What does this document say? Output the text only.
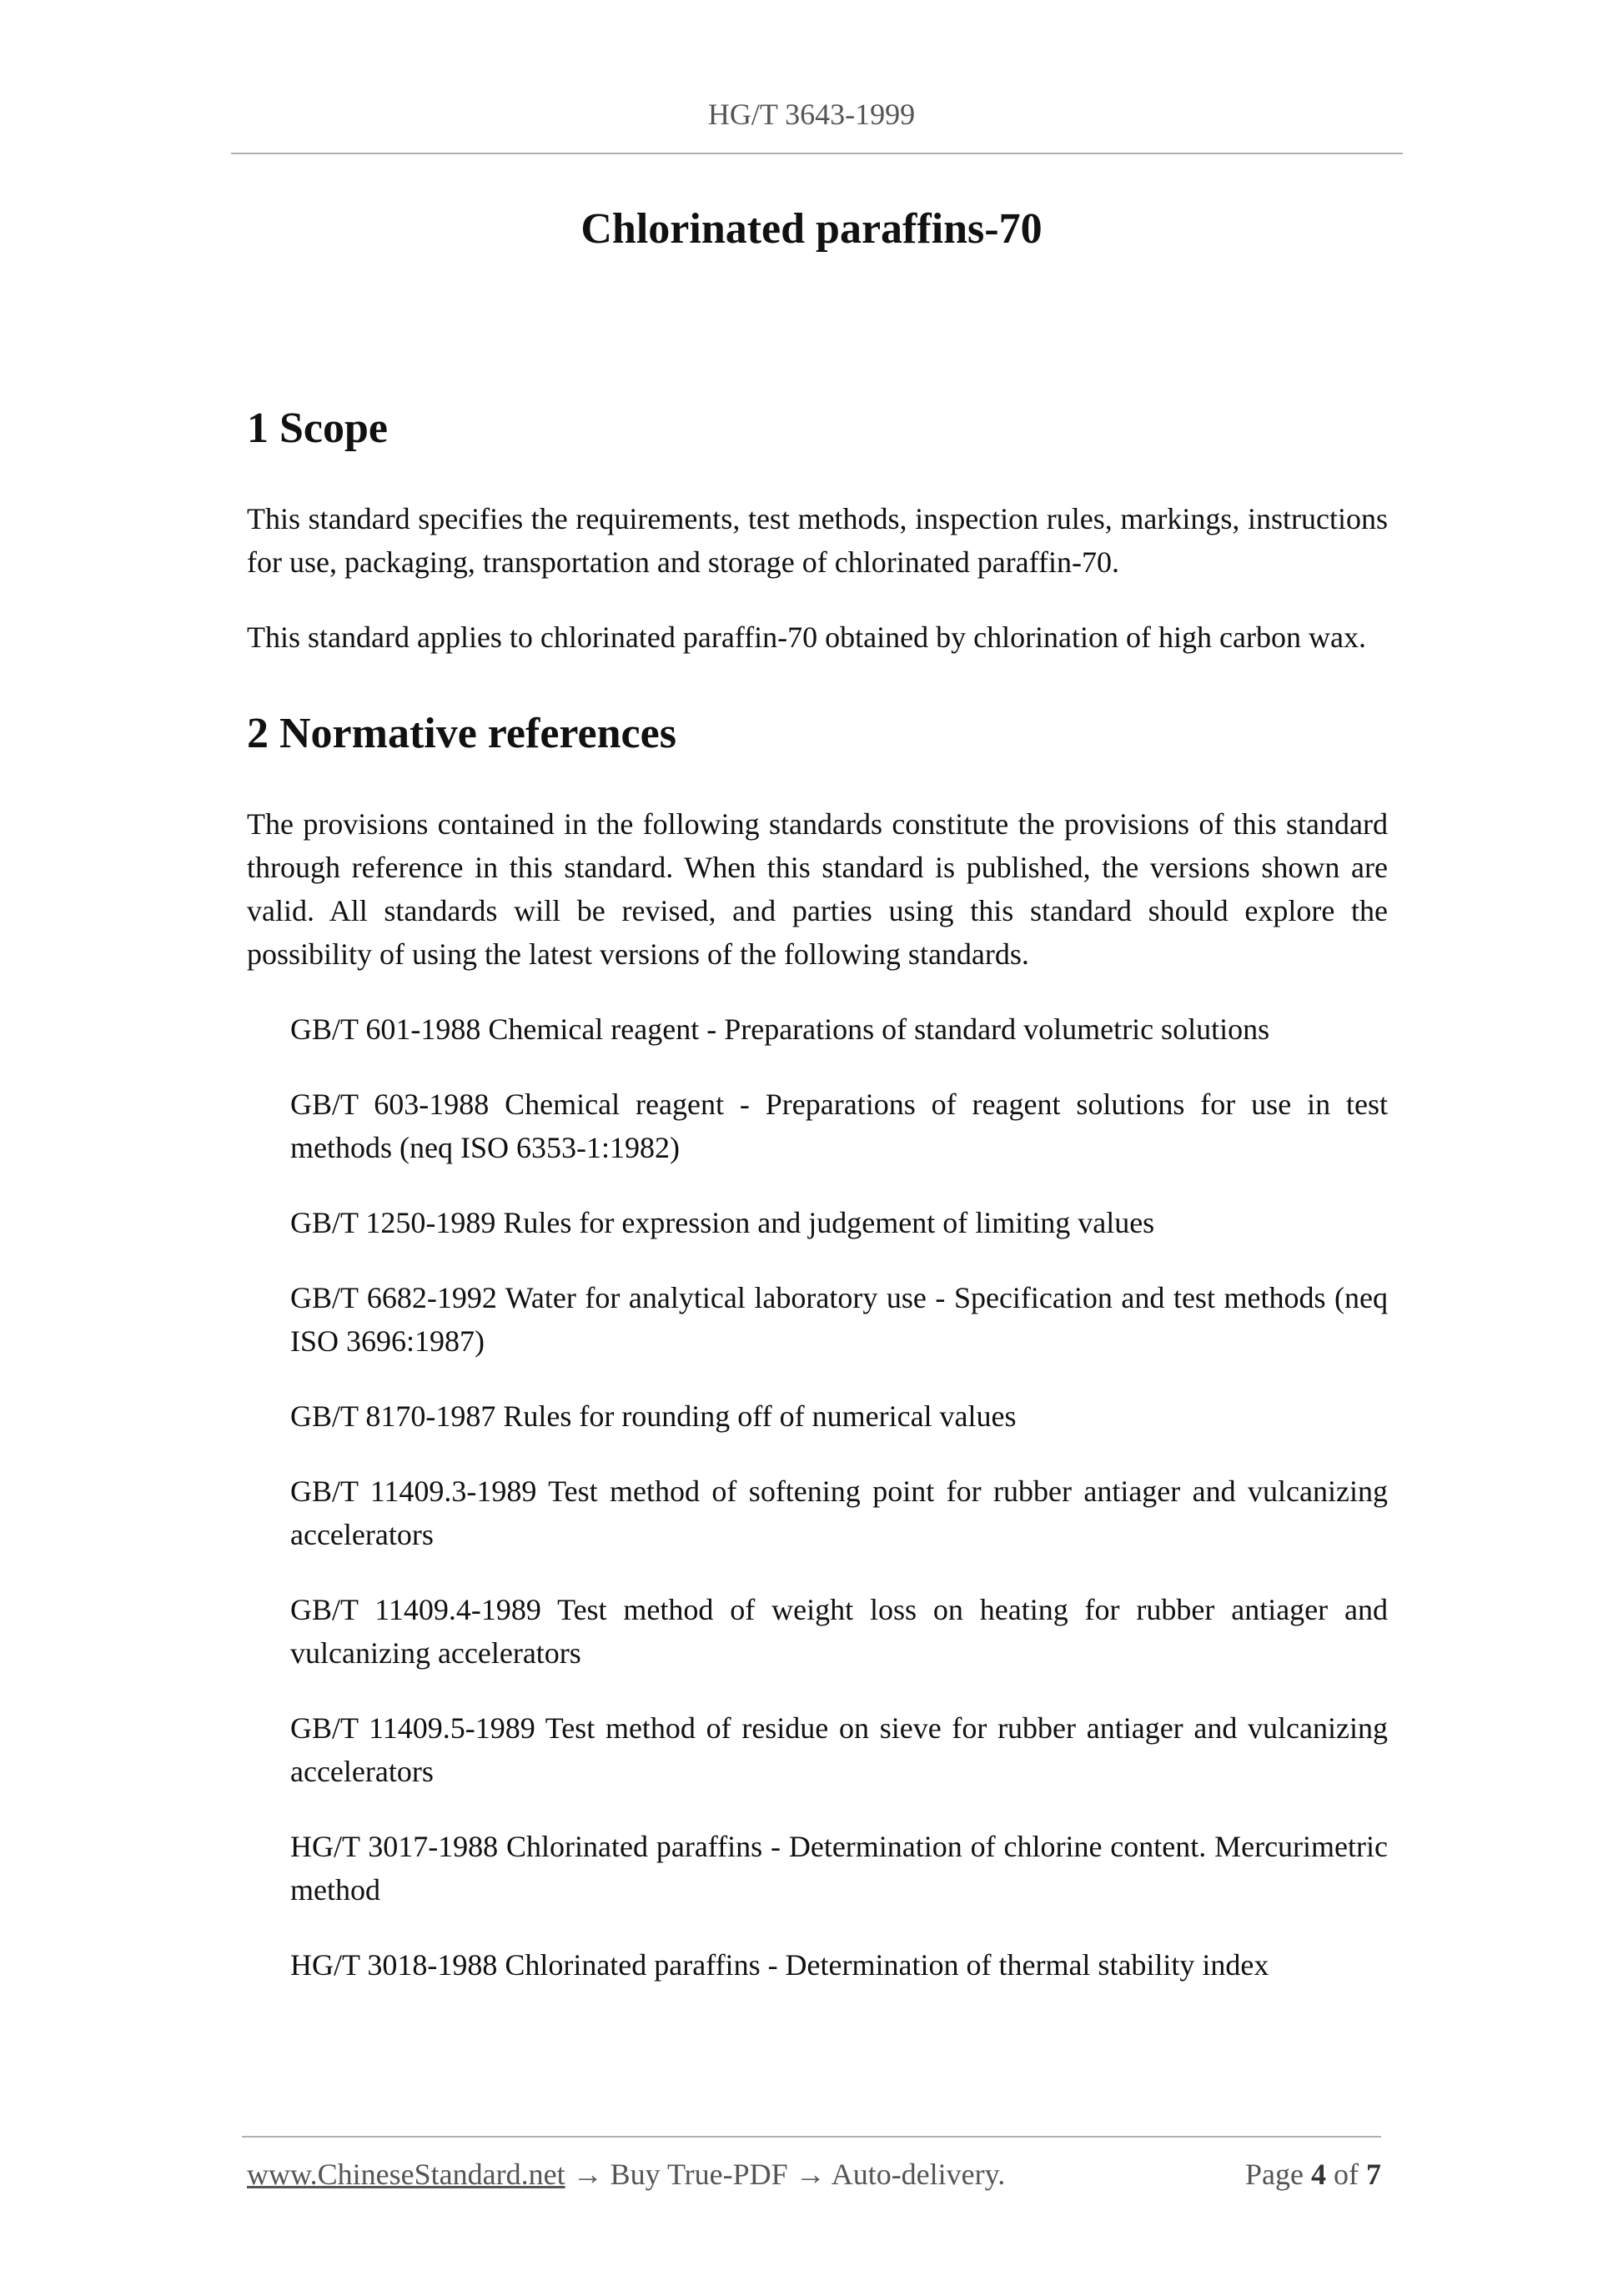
HG/T 3643-1999
Chlorinated paraffins-70
1 Scope

This standard specifies the requirements, test methods, inspection rules, markings, instructions for use, packaging, transportation and storage of chlorinated paraffin-70.

This standard applies to chlorinated paraffin-70 obtained by chlorination of high carbon wax.

2 Normative references

The provisions contained in the following standards constitute the provisions of this standard through reference in this standard. When this standard is published, the versions shown are valid. All standards will be revised, and parties using this standard should explore the possibility of using the latest versions of the following standards.

GB/T 601-1988 Chemical reagent - Preparations of standard volumetric solutions

GB/T 603-1988 Chemical reagent - Preparations of reagent solutions for use in test methods (neq ISO 6353-1:1982)

GB/T 1250-1989 Rules for expression and judgement of limiting values

GB/T 6682-1992 Water for analytical laboratory use - Specification and test methods (neq ISO 3696:1987)

GB/T 8170-1987 Rules for rounding off of numerical values

GB/T 11409.3-1989 Test method of softening point for rubber antiager and vulcanizing accelerators

GB/T 11409.4-1989 Test method of weight loss on heating for rubber antiager and vulcanizing accelerators

GB/T 11409.5-1989 Test method of residue on sieve for rubber antiager and vulcanizing accelerators

HG/T 3017-1988 Chlorinated paraffins - Determination of chlorine content. Mercurimetric method

HG/T 3018-1988 Chlorinated paraffins - Determination of thermal stability index

www.ChineseStandard.net → Buy True-PDF → Auto-delivery.	Page 4 of 7
